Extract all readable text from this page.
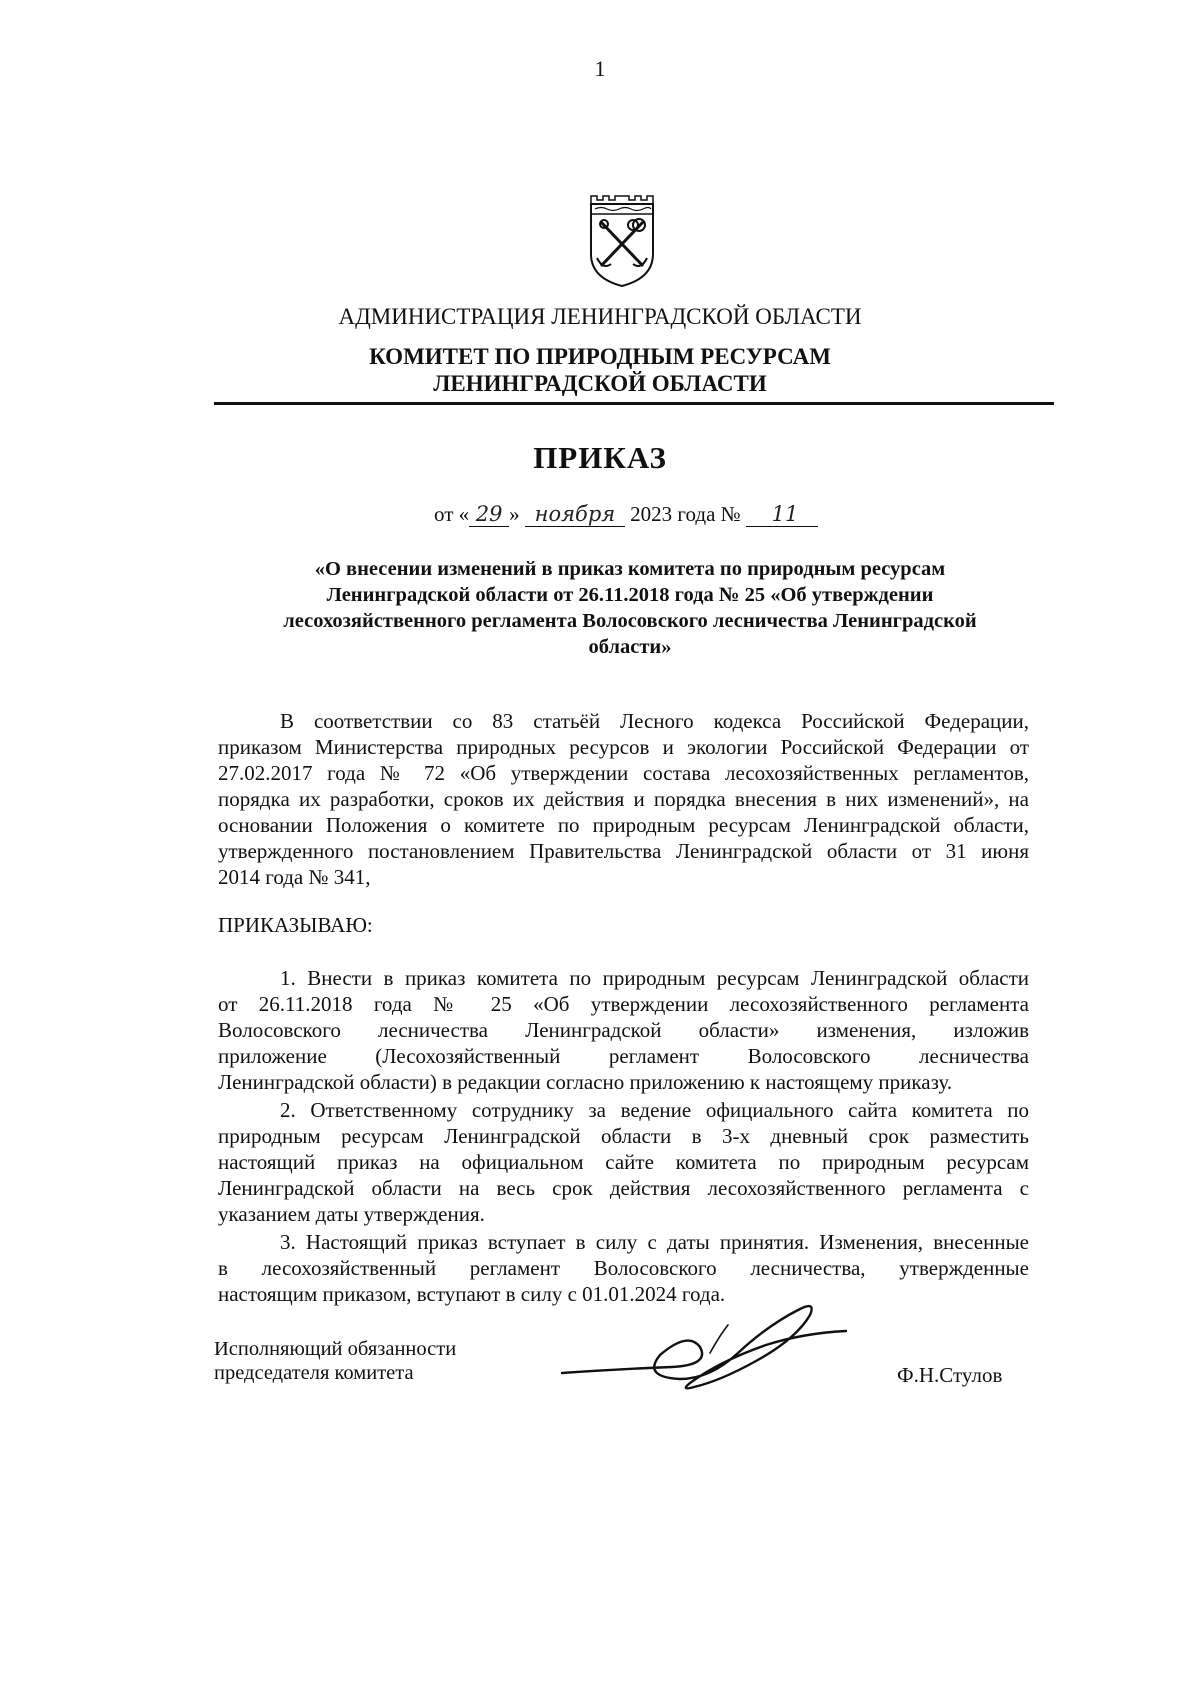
1
АДМИНИСТРАЦИЯ ЛЕНИНГРАДСКОЙ ОБЛАСТИ
КОМИТЕТ ПО ПРИРОДНЫМ РЕСУРСАМ
ЛЕНИНГРАДСКОЙ ОБЛАСТИ
ПРИКАЗ
от « 29 » ноября 2023 года № 11
«О внесении изменений в приказ комитета по природным ресурсам
Ленинградской области от 26.11.2018 года № 25 «Об утверждении
лесохозяйственного регламента Волосовского лесничества Ленинградской
области»
В соответствии со 83 статьёй Лесного кодекса Российской Федерации,
приказом Министерства природных ресурсов и экологии Российской Федерации от
27.02.2017 года № 72 «Об утверждении состава лесохозяйственных регламентов,
порядка их разработки, сроков их действия и порядка внесения в них изменений», на
основании Положения о комитете по природным ресурсам Ленинградской области,
утвержденного постановлением Правительства Ленинградской области от 31 июня
2014 года № 341,
ПРИКАЗЫВАЮ:
1. Внести в приказ комитета по природным ресурсам Ленинградской области
от 26.11.2018 года № 25 «Об утверждении лесохозяйственного регламента
Волосовского лесничества Ленинградской области» изменения, изложив
приложение (Лесохозяйственный регламент Волосовского лесничества
Ленинградской области) в редакции согласно приложению к настоящему приказу.
2. Ответственному сотруднику за ведение официального сайта комитета по
природным ресурсам Ленинградской области в 3-х дневный срок разместить
настоящий приказ на официальном сайте комитета по природным ресурсам
Ленинградской области на весь срок действия лесохозяйственного регламента с
указанием даты утверждения.
3. Настоящий приказ вступает в силу с даты принятия. Изменения, внесенные
в лесохозяйственный регламент Волосовского лесничества, утвержденные
настоящим приказом, вступают в силу с 01.01.2024 года.
Исполняющий обязанности
председателя комитета	Ф.Н.Стулов
